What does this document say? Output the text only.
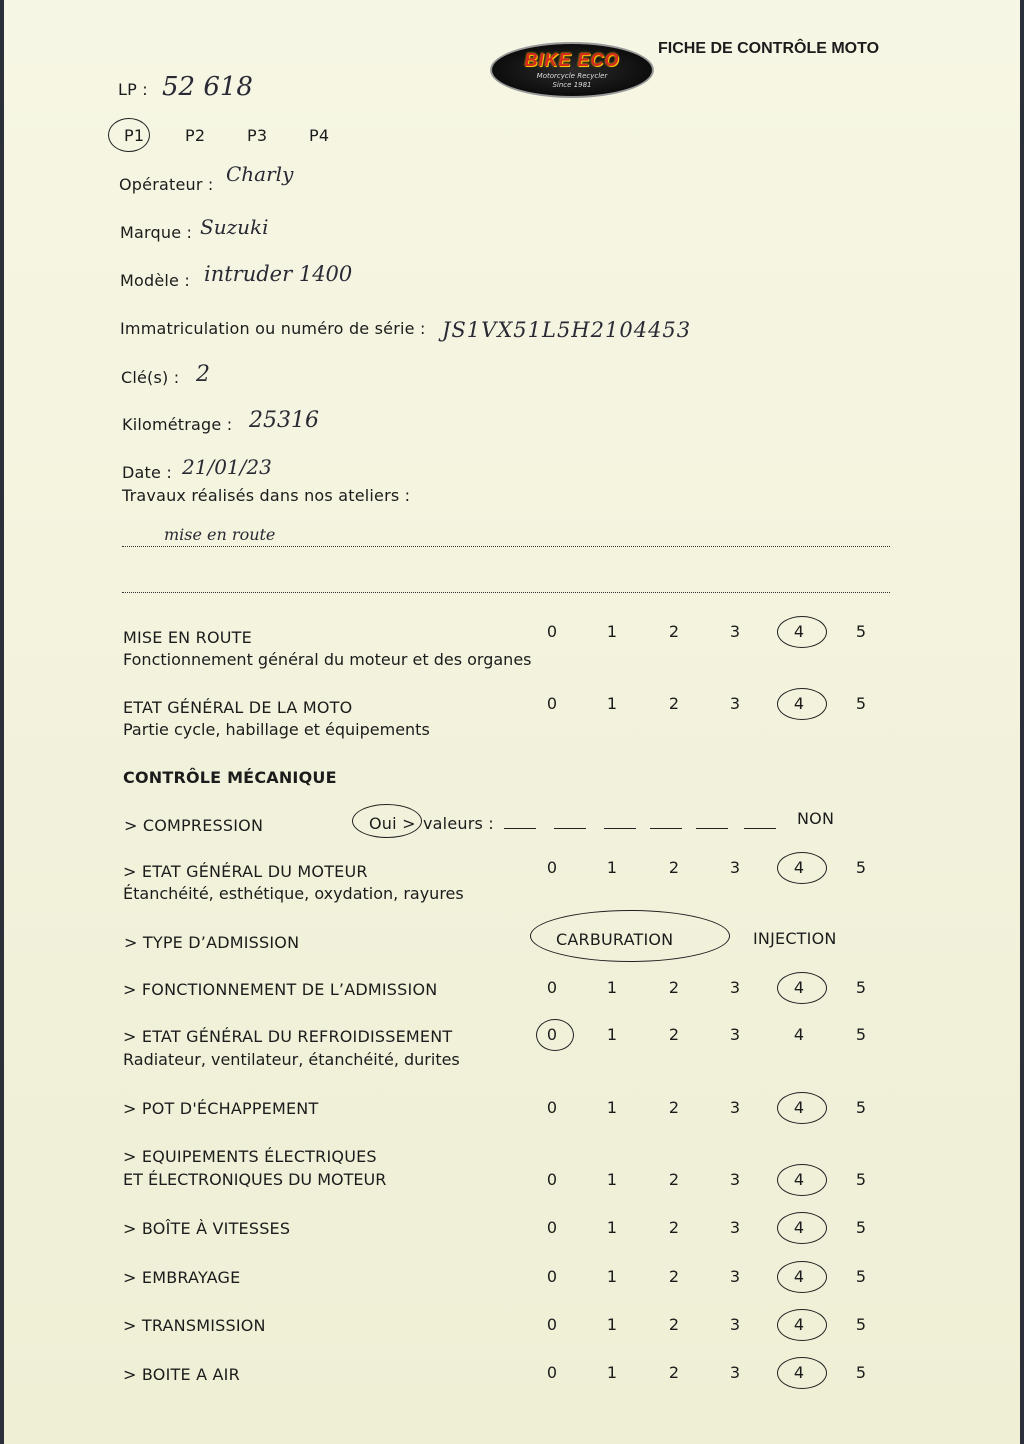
BIKE ECO
Motorcycle Recycler
Since 1981
FICHE DE CONTRÔLE MOTO
LP : 52 618
P1	P2	P3	P4
Opérateur : Charly
Marque : Suzuki
Modèle : intruder 1400
Immatriculation ou numéro de série : JS1VX51L5H2104453
Clé(s) : 2
Kilométrage : 25316
Date : 21/01/23
Travaux réalisés dans nos ateliers :
mise en route
MISE EN ROUTE
Fonctionnement général du moteur et des organes
0	1	2	3	4	5
ETAT GÉNÉRAL DE LA MOTO
Partie cycle, habillage et équipements
0	1	2	3	4	5
> ETAT GÉNÉRAL DU MOTEUR
Étanchéité, esthétique, oxydation, rayures
0	1	2	3	4	5
> FONCTIONNEMENT DE L’ADMISSION	0	1	2	3	4	5
> ETAT GÉNÉRAL DU REFROIDISSEMENT
Radiateur, ventilateur, étanchéité, durites
0	1	2	3	4	5
> POT D'ÉCHAPPEMENT	0	1	2	3	4	5
> EQUIPEMENTS ÉLECTRIQUES
ET ÉLECTRONIQUES DU MOTEUR	0	1	2	3	4	5
> BOÎTE À VITESSES	0	1	2	3	4	5
> EMBRAYAGE	0	1	2	3	4	5
> TRANSMISSION	0	1	2	3	4	5
> BOITE A AIR	0	1	2	3	4	5
CONTRÔLE MÉCANIQUE
> COMPRESSION	Oui > valeurs :	NON
> TYPE D’ADMISSION	CARBURATION	INJECTION
